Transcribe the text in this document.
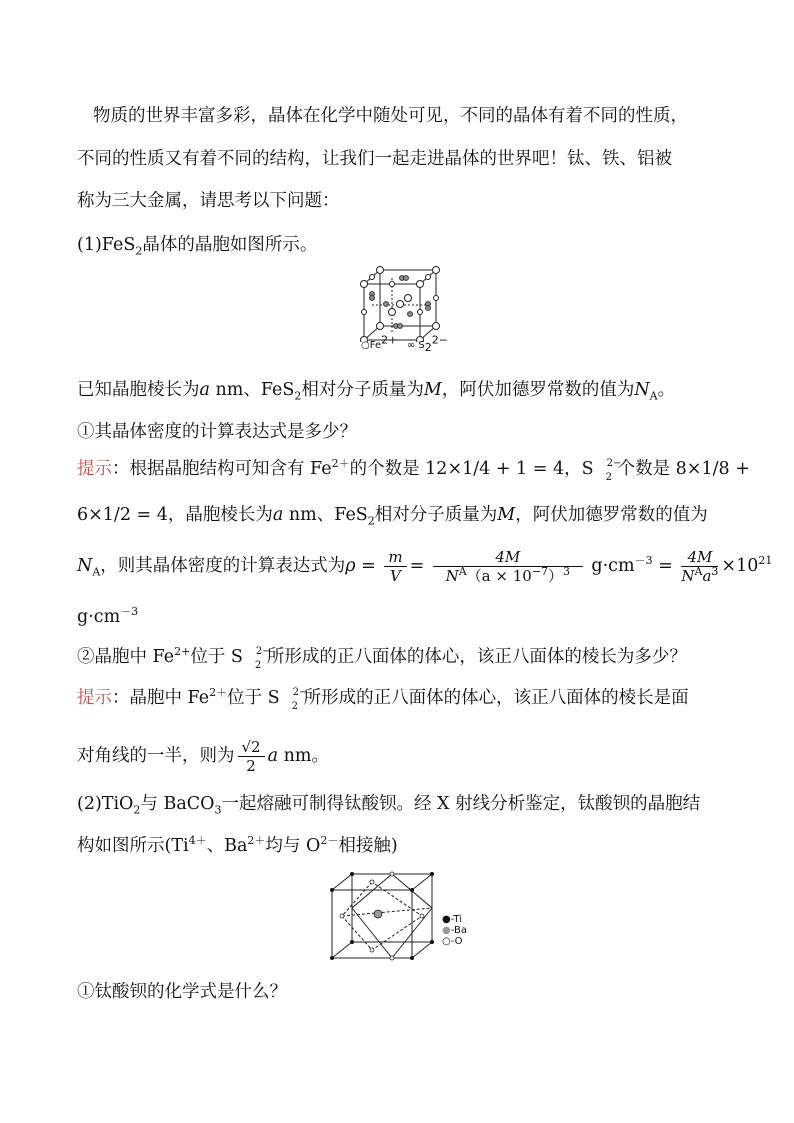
物质的世界丰富多彩，晶体在化学中随处可见，不同的晶体有着不同的性质，
不同的性质又有着不同的结构，让我们一起走进晶体的世界吧！钛、铁、铝被
称为三大金属，请思考以下问题：
(1)FeS$_2$晶体的晶胞如图所示。
$○Fe^{2+}$ ∞ $S_2^{2-}$
已知晶胞棱长为a nm、FeS$_2$相对分子质量为M，阿伏加德罗常数的值为$N_A$。
①其晶体密度的计算表达式是多少？
提示：根据晶胞结构可知含有 $Fe^{2+}$的个数是 12×1/4 + 1 = 4，S 2−
2 个数是 8×1/8 +
6×1/2 = 4，晶胞棱长为a nm、FeS$_2$相对分子质量为M，阿伏加德罗常数的值为
$N_A$，则其晶体密度的计算表达式为$\rho = \frac{m}{V} = \frac{4M}{N^A(a \times 10^{-7})^3} g\cdot cm^{-3} = \frac{4M}{N^Aa^3} \times 10^{21}$
$g\cdot cm^{-3}$
②晶胞中 $Fe^{2+}$位于 S 2−
2 所形成的正八面体的体心，该正八面体的棱长为多少？
提示：晶胞中 $Fe^{2+}$位于 S 2−
2 所形成的正八面体的体心，该正八面体的棱长是面
对角线的一半，则为 $\frac{√2}{2}$ a nm。
(2)TiO$_2$与 BaCO$_3$一起熔融可制得钛酸钡。经 X 射线分析鉴定，钛酸钡的晶胞结
构如图所示($Ti^{4+}$、$Ba^{2+}$均与 $O^{2-}$相接触)
●-Ti
●-Ba
○-O
①钛酸钡的化学式是什么？
